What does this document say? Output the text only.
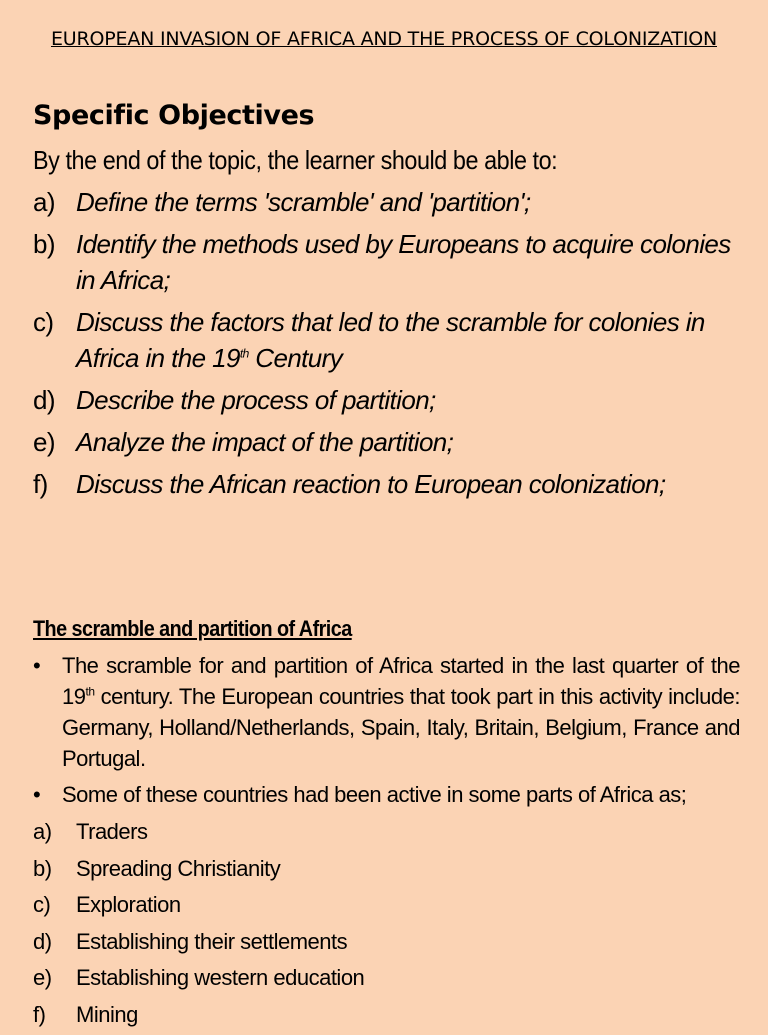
EUROPEAN INVASION OF AFRICA AND THE PROCESS OF COLONIZATION
Specific Objectives
By the end of the topic, the learner should be able to:
a) Define the terms 'scramble' and 'partition';
b) Identify the methods used by Europeans to acquire colonies in Africa;
c) Discuss the factors that led to the scramble for colonies in Africa in the 19th Century
d) Describe the process of partition;
e) Analyze the impact of the partition;
f)	Discuss the African reaction to European colonization;
The scramble and partition of Africa
• The scramble for and partition of Africa started in the last quarter of the 19th century. The European countries that took part in this activity include: Germany, Holland/Netherlands, Spain, Italy, Britain, Belgium, France and Portugal.
• Some of these countries had been active in some parts of Africa as;
a)	Traders
b)	Spreading Christianity
c)	Exploration
d)	Establishing their settlements
e)	Establishing western education
f)	Mining
